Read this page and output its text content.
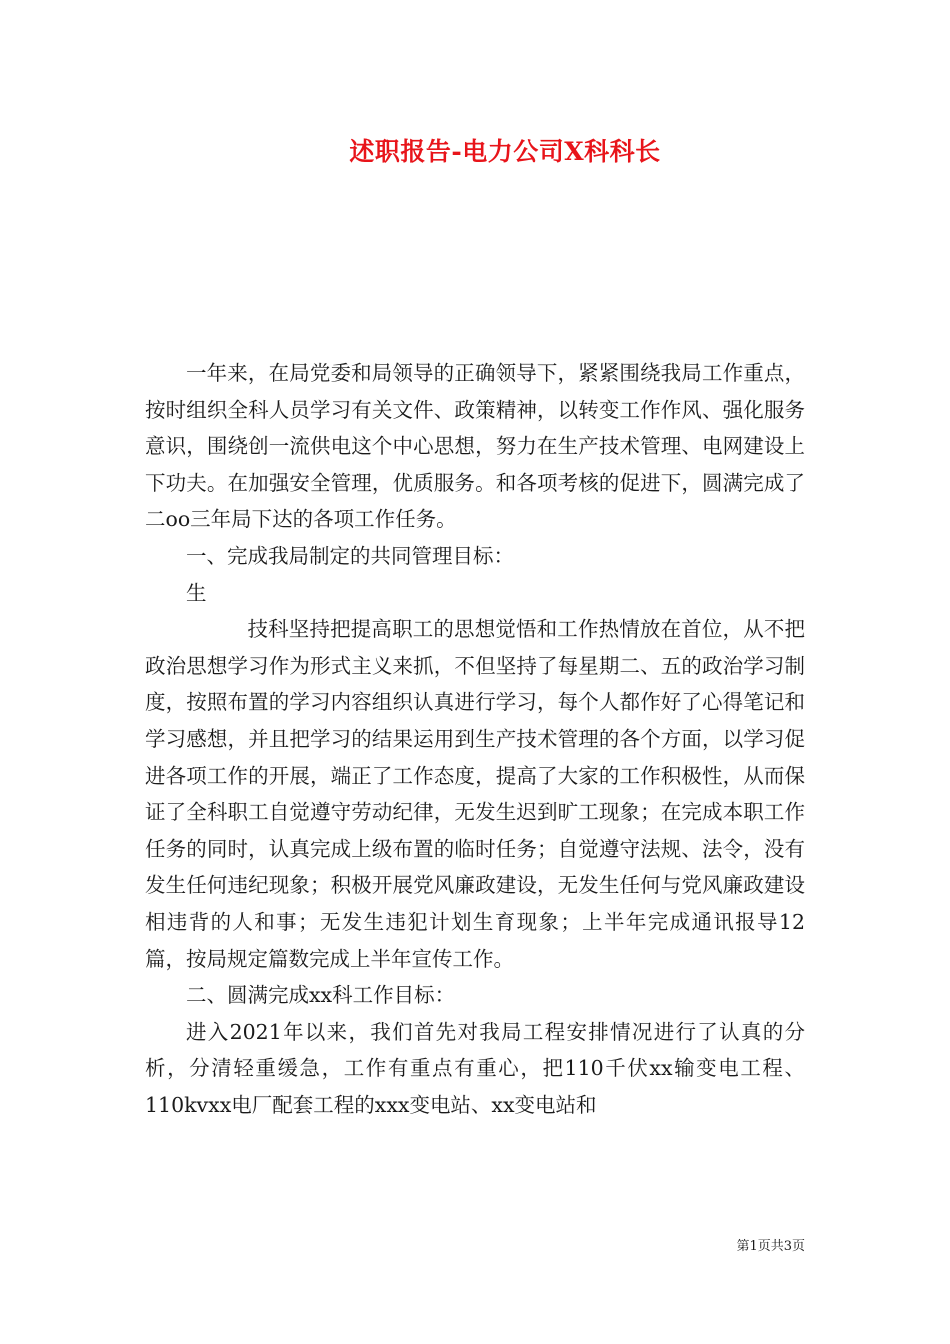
述职报告-电力公司X科科长

一年来，在局党委和局领导的正确领导下，紧紧围绕我局工作重点，按时组织全科人员学习有关文件、政策精神，以转变工作作风、强化服务意识，围绕创一流供电这个中心思想，努力在生产技术管理、电网建设上下功夫。在加强安全管理，优质服务。和各项考核的促进下，圆满完成了二oo三年局下达的各项工作任务。

一、完成我局制定的共同管理目标：

生

技科坚持把提高职工的思想觉悟和工作热情放在首位，从不把政治思想学习作为形式主义来抓，不但坚持了每星期二、五的政治学习制度，按照布置的学习内容组织认真进行学习，每个人都作好了心得笔记和学习感想，并且把学习的结果运用到生产技术管理的各个方面，以学习促进各项工作的开展，端正了工作态度，提高了大家的工作积极性，从而保证了全科职工自觉遵守劳动纪律，无发生迟到旷工现象；在完成本职工作任务的同时，认真完成上级布置的临时任务；自觉遵守法规、法令，没有发生任何违纪现象；积极开展党风廉政建设，无发生任何与党风廉政建设相违背的人和事；无发生违犯计划生育现象；上半年完成通讯报导12篇，按局规定篇数完成上半年宣传工作。

二、圆满完成xx科工作目标：

进入2021年以来，我们首先对我局工程安排情况进行了认真的分析，分清轻重缓急，工作有重点有重心，把110千伏xx输变电工程、110kvxx电厂配套工程的xxx变电站、xx变电站和

第1页共3页
